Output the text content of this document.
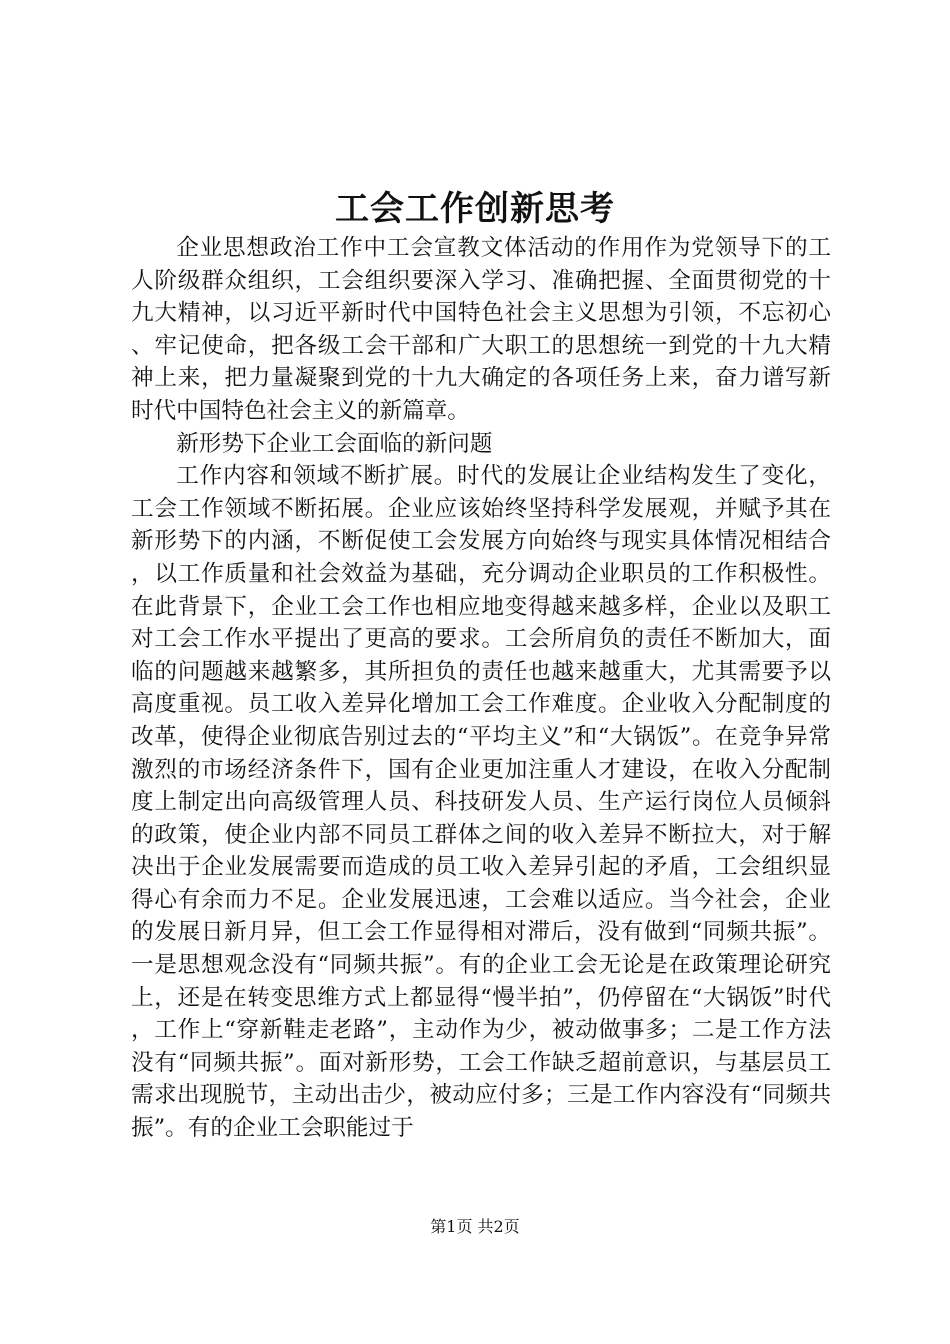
工会工作创新思考

企业思想政治工作中工会宣教文体活动的作用作为党领导下的工人阶级群众组织，工会组织要深入学习、准确把握、全面贯彻党的十九大精神，以习近平新时代中国特色社会主义思想为引领，不忘初心、牢记使命，把各级工会干部和广大职工的思想统一到党的十九大精神上来，把力量凝聚到党的十九大确定的各项任务上来，奋力谱写新时代中国特色社会主义的新篇章。

新形势下企业工会面临的新问题

工作内容和领域不断扩展。时代的发展让企业结构发生了变化，工会工作领域不断拓展。企业应该始终坚持科学发展观，并赋予其在新形势下的内涵，不断促使工会发展方向始终与现实具体情况相结合，以工作质量和社会效益为基础，充分调动企业职员的工作积极性。在此背景下，企业工会工作也相应地变得越来越多样，企业以及职工对工会工作水平提出了更高的要求。工会所肩负的责任不断加大，面临的问题越来越繁多，其所担负的责任也越来越重大，尤其需要予以高度重视。员工收入差异化增加工会工作难度。企业收入分配制度的改革，使得企业彻底告别过去的“平均主义”和“大锅饭”。在竞争异常激烈的市场经济条件下，国有企业更加注重人才建设，在收入分配制度上制定出向高级管理人员、科技研发人员、生产运行岗位人员倾斜的政策，使企业内部不同员工群体之间的收入差异不断拉大，对于解决出于企业发展需要而造成的员工收入差异引起的矛盾，工会组织显得心有余而力不足。企业发展迅速，工会难以适应。当今社会，企业的发展日新月异，但工会工作显得相对滞后，没有做到“同频共振”。一是思想观念没有“同频共振”。有的企业工会无论是在政策理论研究上，还是在转变思维方式上都显得“慢半拍”，仍停留在“大锅饭”时代，工作上“穿新鞋走老路”，主动作为少，被动做事多；二是工作方法没有“同频共振”。面对新形势，工会工作缺乏超前意识，与基层员工需求出现脱节，主动出击少，被动应付多；三是工作内容没有“同频共振”。有的企业工会职能过于

第1页 共2页
